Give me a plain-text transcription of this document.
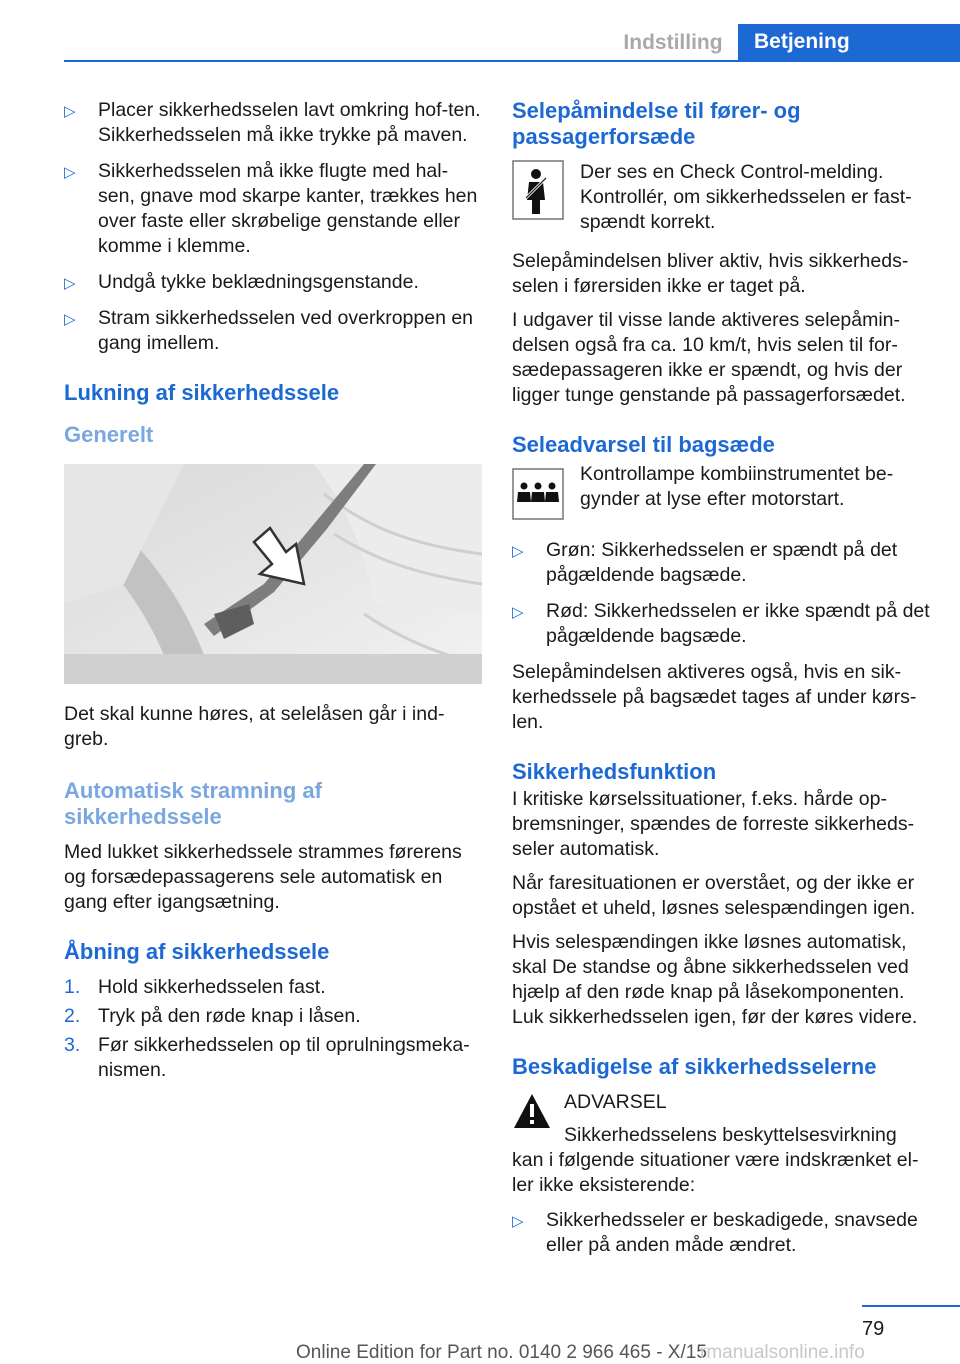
Indstilling	Betjening
▷ Placer sikkerhedsselen lavt omkring hof-ten. Sikkerhedsselen må ikke trykke på maven.
▷ Sikkerhedsselen må ikke flugte med hal-sen, gnave mod skarpe kanter, trækkes hen over faste eller skrøbelige genstande eller komme i klemme.
▷ Undgå tykke beklædningsgenstande.
▷ Stram sikkerhedsselen ved overkroppen en gang imellem.
Lukning af sikkerhedssele
Generelt

Det skal kunne høres, at selelåsen går i ind-greb.

Automatisk stramning af sikkerhedssele

Med lukket sikkerhedssele strammes førerens og forsædepassagerens sele automatisk en gang efter igangsætning.

Åbning af sikkerhedssele
1. Hold sikkerhedsselen fast.
2. Tryk på den røde knap i låsen.
3. Før sikkerhedsselen op til oprulningsmeka-nismen.
Selepåmindelse til fører- og passagerforsæde
Der ses en Check Control-melding. Kontrollér, om sikkerhedsselen er fast-spændt korrekt.

Selepåmindelsen bliver aktiv, hvis sikkerheds-selen i førersiden ikke er taget på.

I udgaver til visse lande aktiveres selepåmin-delsen også fra ca. 10 km/t, hvis selen til for-sædepassageren ikke er spændt, og hvis der ligger tunge genstande på passagerforsædet.

Seleadvarsel til bagsæde
Kontrollampe kombiinstrumentet be-gynder at lyse efter motorstart.
▷ Grøn: Sikkerhedsselen er spændt på det pågældende bagsæde.
▷ Rød: Sikkerhedsselen er ikke spændt på det pågældende bagsæde.

Selepåmindelsen aktiveres også, hvis en sik-kerhedssele på bagsædet tages af under kørs-len.

Sikkerhedsfunktion

I kritiske kørselssituationer, f.eks. hårde op-bremsninger, spændes de forreste sikkerheds-seler automatisk.

Når faresituationen er overstået, og der ikke er opstået et uheld, løsnes selespændingen igen.

Hvis selespændingen ikke løsnes automatisk, skal De standse og åbne sikkerhedsselen ved hjælp af den røde knap på låsekomponenten. Luk sikkerhedsselen igen, før der køres videre.

Beskadigelse af sikkerhedsselerne
ADVARSEL

Sikkerhedsselens beskyttelsesvirkning kan i følgende situationer være indskrænket el-ler ikke eksisterende:

▷ Sikkerhedsseler er beskadigede, snavsede eller på anden måde ændret.
79
Online Edition for Part no. 0140 2 966 465 - X/15
rmanualsonline.info
